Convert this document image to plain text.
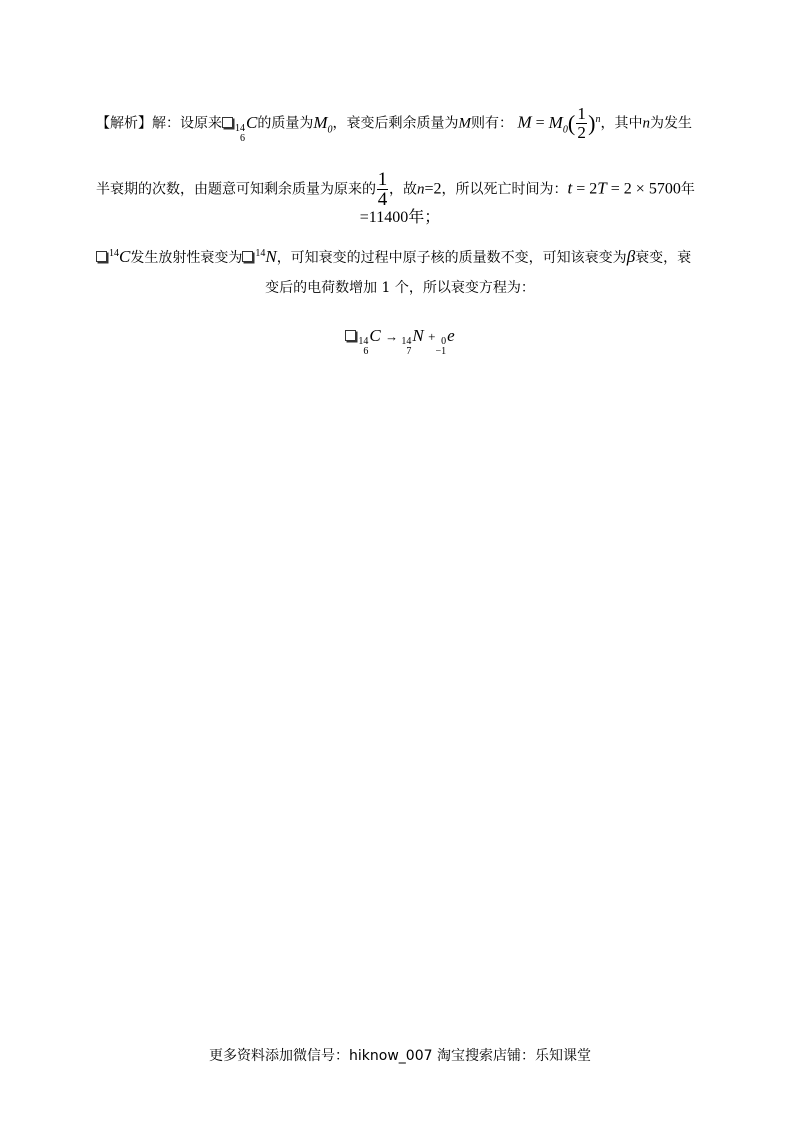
【解析】解：设原来 14
6
C的质量为$M_0$，衰变后剩余质量为M则有： $M = M_0( \frac{1}{2} )^n$，其中n为发生
半衰期的次数，由题意可知剩余质量为原来的 $\frac{1}{4}$ ，故n=2，所以死亡时间为：t = 2T = 2 × 5700年
=11400年；
$^{14}$C发生放射性衰变为 $^{14}$N，可知衰变的过程中原子核的质量数不变，可知该衰变为β衰变，衰
变后的电荷数增加 1 个，所以衰变方程为：
14
6
C → 14
7
N + 0
−1
e
更多资料添加微信号：hiknow_007 淘宝搜索店铺：乐知课堂
